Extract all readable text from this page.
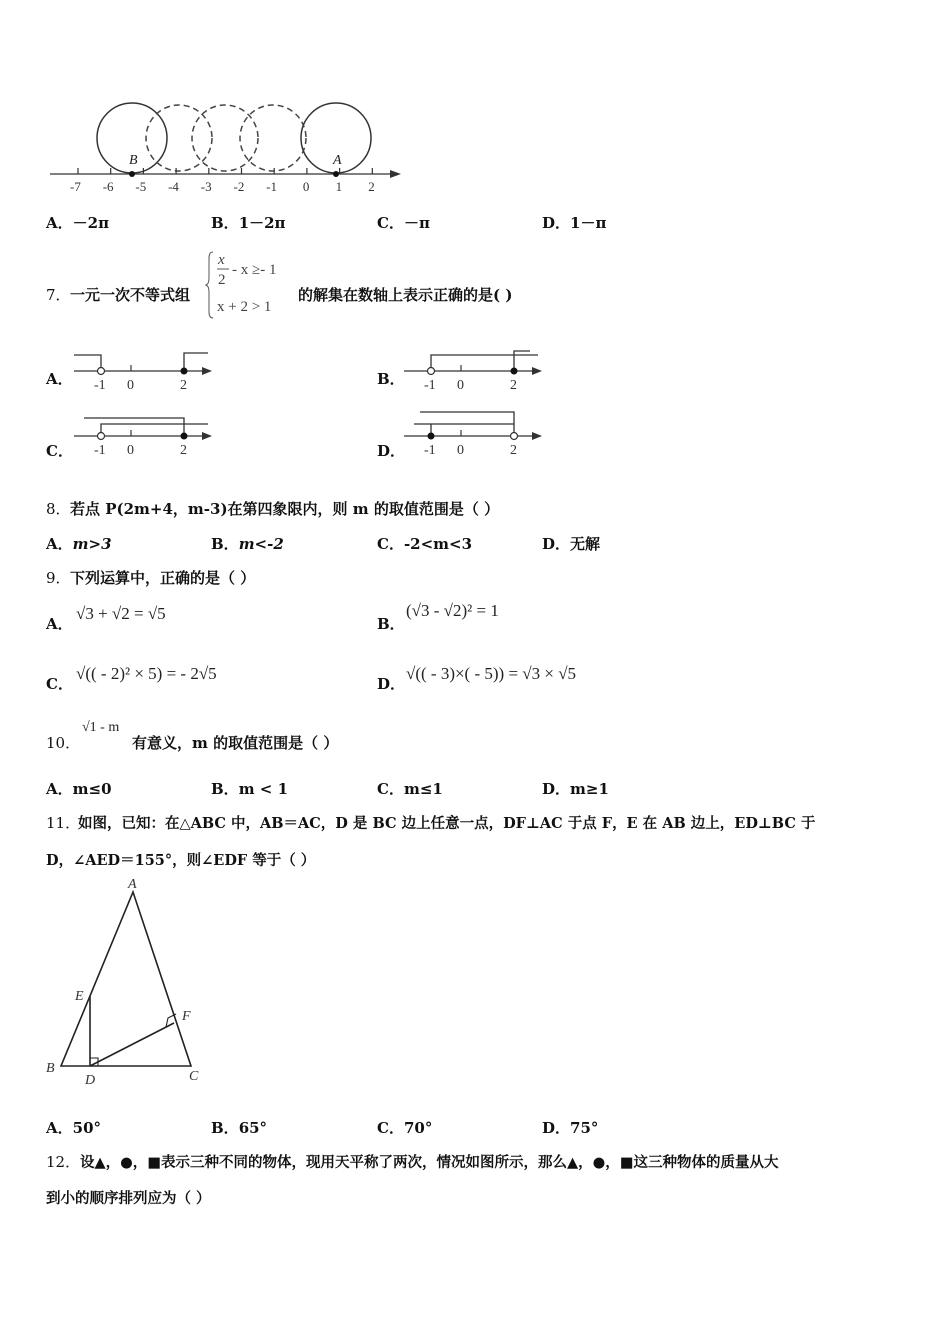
-7 -6 -5 -4 -3 -2 -1 0 1 2
B	A
A．－2π	B．1－2π	C．－π	D．1－π
7． 一元一次不等式组
x
2
- x ≥- 1
x + 2 > 1
的解集在数轴上表示正确的是( )
A．	B．
C．	D．
-1 0	2	-1 0	2
-1 0	2	-1 0	2
8． 若点 P(2m+4，m-3)在第四象限内，则 m 的取值范围是（ ）
A．m>3	B．m<-2	C．-2<m<3	D．无解
9． 下列运算中，正确的是（ ）
A．
√3 + √2 = √5
B．
(√3 - √2)² = 1
C．
√(( - 2)² × 5) = - 2√5
D．
√(( - 3)×( - 5)) = √3 × √5
10．
√1 - m
有意义，m 的取值范围是（ ）
A．m≤0	B．m < 1	C．m≤1	D．m≥1
11．
如图，已知：在△ABC 中，AB＝AC，D 是 BC 边上任意一点，DF⊥AC 于点 F，E 在 AB 边上，ED⊥BC 于
D，∠AED＝155°，则∠EDF 等于（ ）
A
E
F
B
D	C
A．50°	B．65°	C．70°	D．75°
12． 设▲，●，■表示三种不同的物体，现用天平称了两次，情况如图所示，那么▲，●，■这三种物体的质量从大
到小的顺序排列应为（ ）
